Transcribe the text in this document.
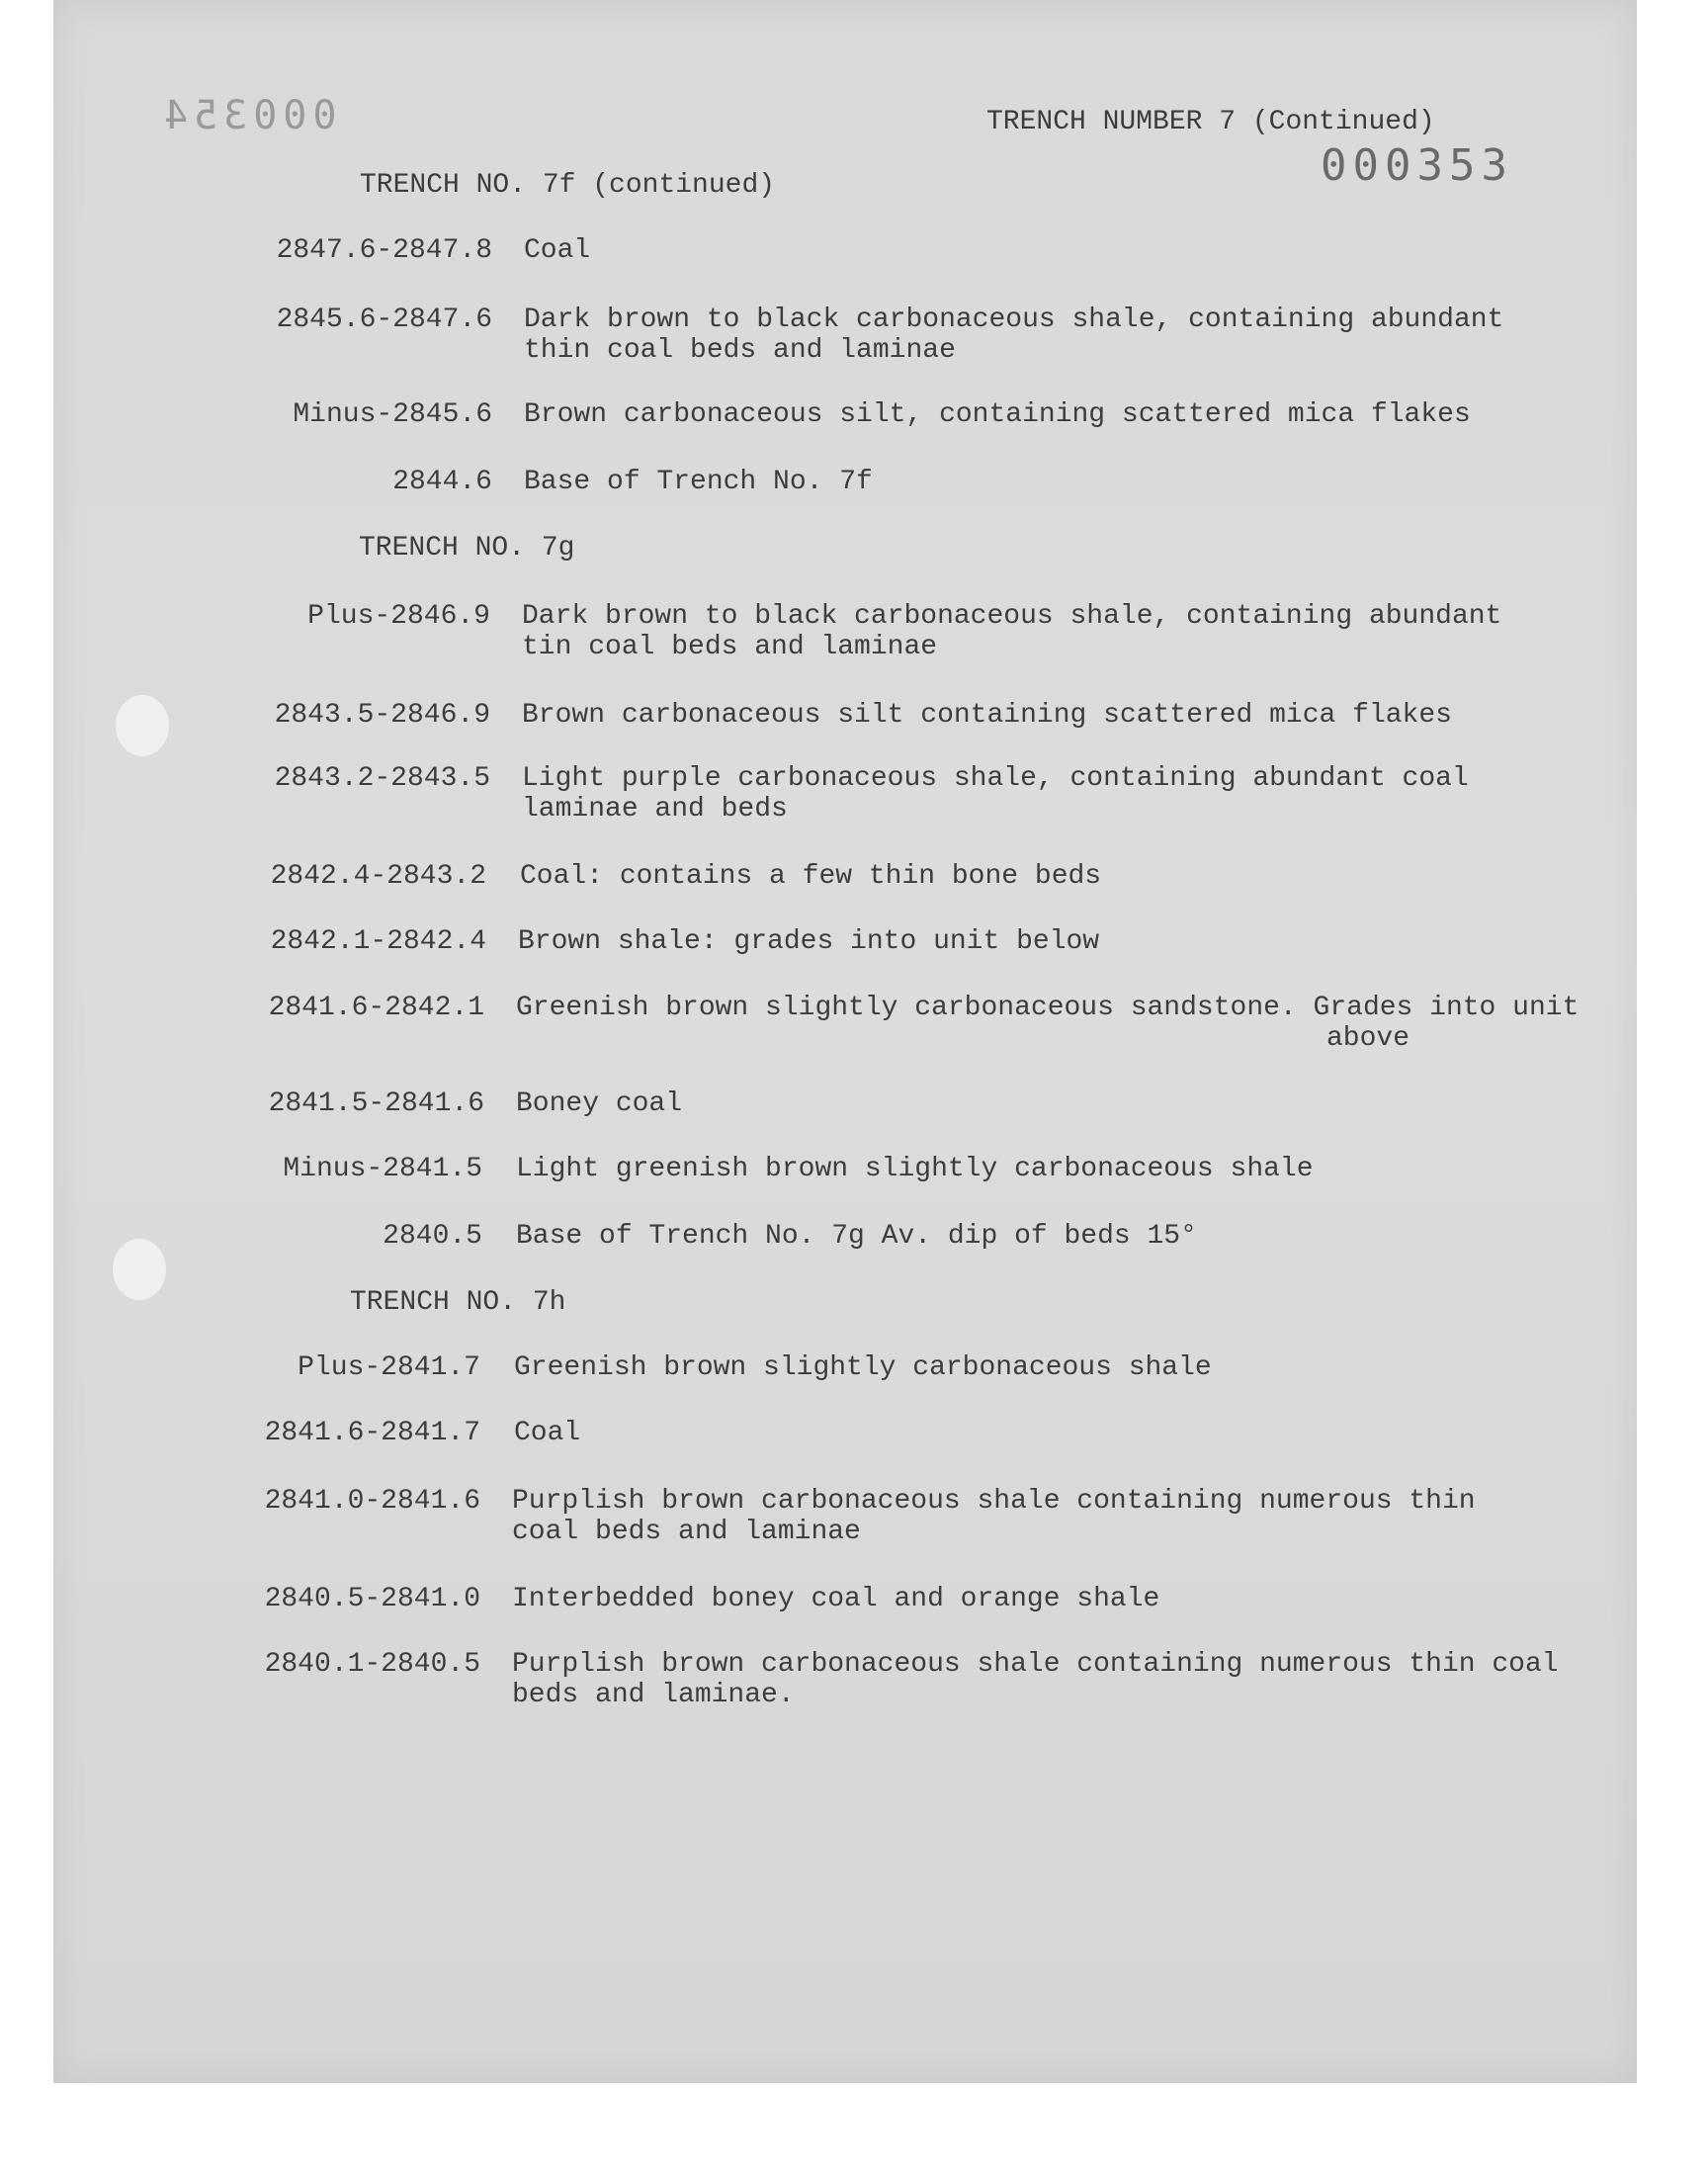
000354
000353
TRENCH NUMBER 7 (Continued)
TRENCH NO. 7f (continued)
2847.6-2847.8 Coal
2845.6-2847.6 Dark brown to black carbonaceous shale, containing abundant
thin coal beds and laminae
Minus-2845.6 Brown carbonaceous silt, containing scattered mica flakes
2844.6 Base of Trench No. 7f
TRENCH NO. 7g
Plus-2846.9 Dark brown to black carbonaceous shale, containing abundant
tin coal beds and laminae
2843.5-2846.9 Brown carbonaceous silt containing scattered mica flakes
2843.2-2843.5 Light purple carbonaceous shale, containing abundant coal
laminae and beds
2842.4-2843.2 Coal: contains a few thin bone beds
2842.1-2842.4 Brown shale: grades into unit below
2841.6-2842.1 Greenish brown slightly carbonaceous sandstone. Grades into unit
above
2841.5-2841.6 Boney coal
Minus-2841.5 Light greenish brown slightly carbonaceous shale
2840.5 Base of Trench No. 7g Av. dip of beds 15°
TRENCH NO. 7h
Plus-2841.7 Greenish brown slightly carbonaceous shale
2841.6-2841.7 Coal
2841.0-2841.6 Purplish brown carbonaceous shale containing numerous thin
coal beds and laminae
2840.5-2841.0 Interbedded boney coal and orange shale
2840.1-2840.5 Purplish brown carbonaceous shale containing numerous thin coal
beds and laminae.
